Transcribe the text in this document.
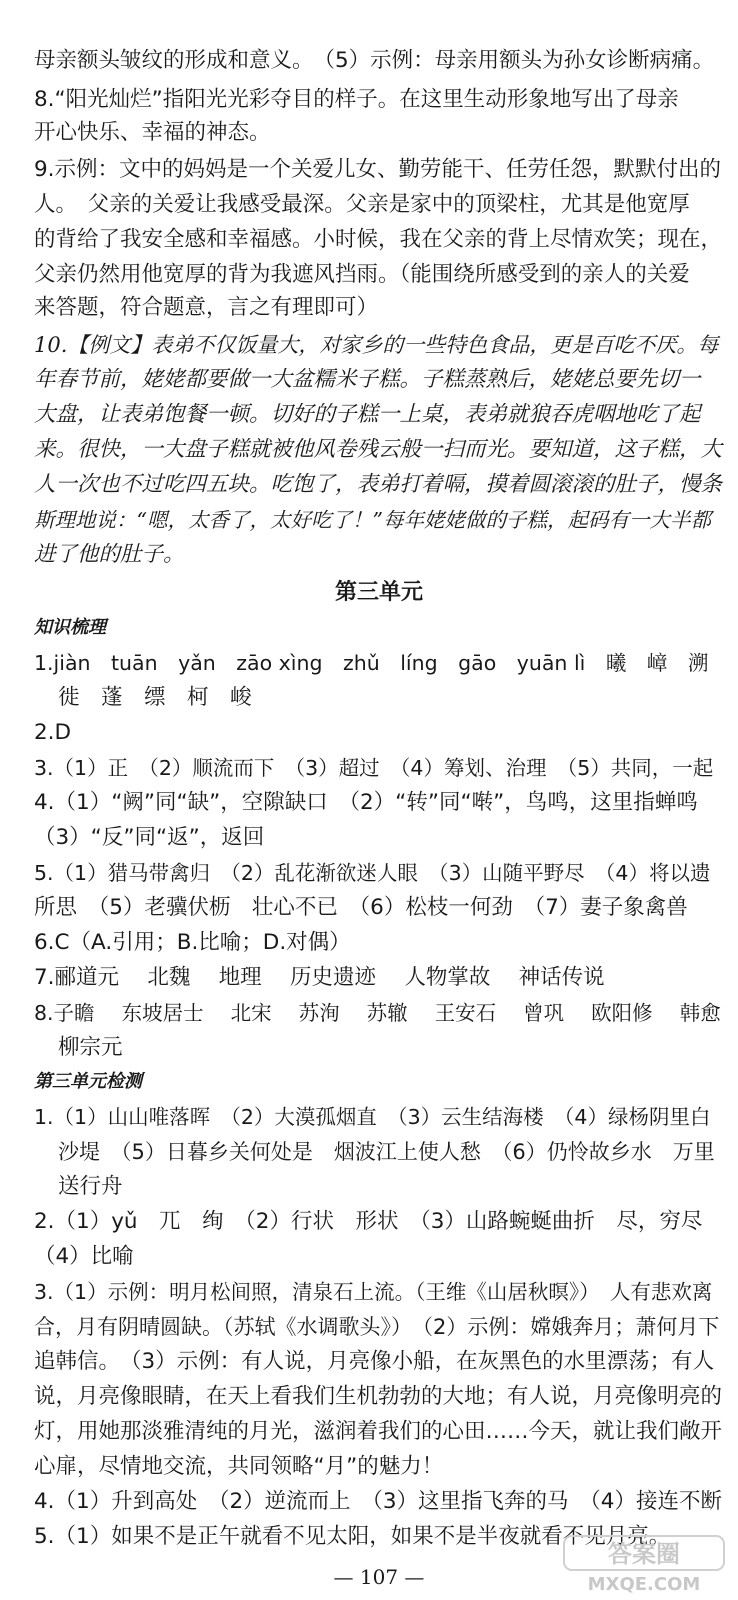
母亲额头皱纹的形成和意义。　（5）示例：母亲用额头为孙女诊断病痛。
8.“阳光灿烂”指阳光光彩夺目的样子。在这里生动形象地写出了母亲
开心快乐、幸福的神态。
9.示例：文中的妈妈是一个关爱儿女、勤劳能干、任劳任怨，默默付出的
人。　父亲的关爱让我感受最深。父亲是家中的顶梁柱，尤其是他宽厚
的背给了我安全感和幸福感。小时候，我在父亲的背上尽情欢笑；现在，
父亲仍然用他宽厚的背为我遮风挡雨。（能围绕所感受到的亲人的关爱
来答题，符合题意，言之有理即可）
10.【例文】表弟不仅饭量大，对家乡的一些特色食品，更是百吃不厌。每
年春节前，姥姥都要做一大盆糯米子糕。子糕蒸熟后，姥姥总要先切一
大盘，让表弟饱餐一顿。切好的子糕一上桌，表弟就狼吞虎咽地吃了起
来。很快，一大盘子糕就被他风卷残云般一扫而光。要知道，这子糕，大
人一次也不过吃四五块。吃饱了，表弟打着嗝，摸着圆滚滚的肚子，慢条
斯理地说：“嗯，太香了，太好吃了！”每年姥姥做的子糕，起码有一大半都
进了他的肚子。
第三单元
知识梳理
1.jiàn　tuān　yǎn　zāo xìng　zhǔ　líng　gāo　yuān lì　曦　嶂　溯
徙　蓬　缥　柯　峻
2.D
3.（1）正　（2）顺流而下　（3）超过　（4）筹划、治理　（5）共同，一起
4.（1）“阙”同“缺”，空隙缺口　（2）“转”同“啭”，鸟鸣，这里指蝉鸣
（3）“反”同“返”，返回
5.（1）猎马带禽归　（2）乱花渐欲迷人眼　（3）山随平野尽　（4）将以遗
所思　（5）老骥伏枥　壮心不已　（6）松枝一何劲　（7）妻子象禽兽
6.C（A.引用；B.比喻；D.对偶）
7.郦道元　 北魏　 地理　 历史遗迹　 人物掌故　 神话传说
8.子瞻　 东坡居士　 北宋　 苏洵　 苏辙　 王安石　 曾巩　 欧阳修　 韩愈
柳宗元
第三单元检测
1.（1）山山唯落晖　（2）大漠孤烟直　（3）云生结海楼　（4）绿杨阴里白
沙堤　（5）日暮乡关何处是　烟波江上使人愁　（6）仍怜故乡水　万里
送行舟
2.（1）yǔ　兀　绚　（2）行状　形状　（3）山路蜿蜒曲折　尽，穷尽
（4）比喻
3.（1）示例：明月松间照，清泉石上流。（王维《山居秋暝》）　人有悲欢离
合，月有阴晴圆缺。（苏轼《水调歌头》）　（2）示例：嫦娥奔月；萧何月下
追韩信。　（3）示例：有人说，月亮像小船，在灰黑色的水里漂荡；有人
说，月亮像眼睛，在天上看我们生机勃勃的大地；有人说，月亮像明亮的
灯，用她那淡雅清纯的月光，滋润着我们的心田……今天，就让我们敞开
心扉，尽情地交流，共同领略“月”的魅力！
4.（1）升到高处　（2）逆流而上　（3）这里指飞奔的马　（4）接连不断
5.（1）如果不是正午就看不见太阳，如果不是半夜就看不见月亮。
— 107 —
答案圈
MXQE.COM
